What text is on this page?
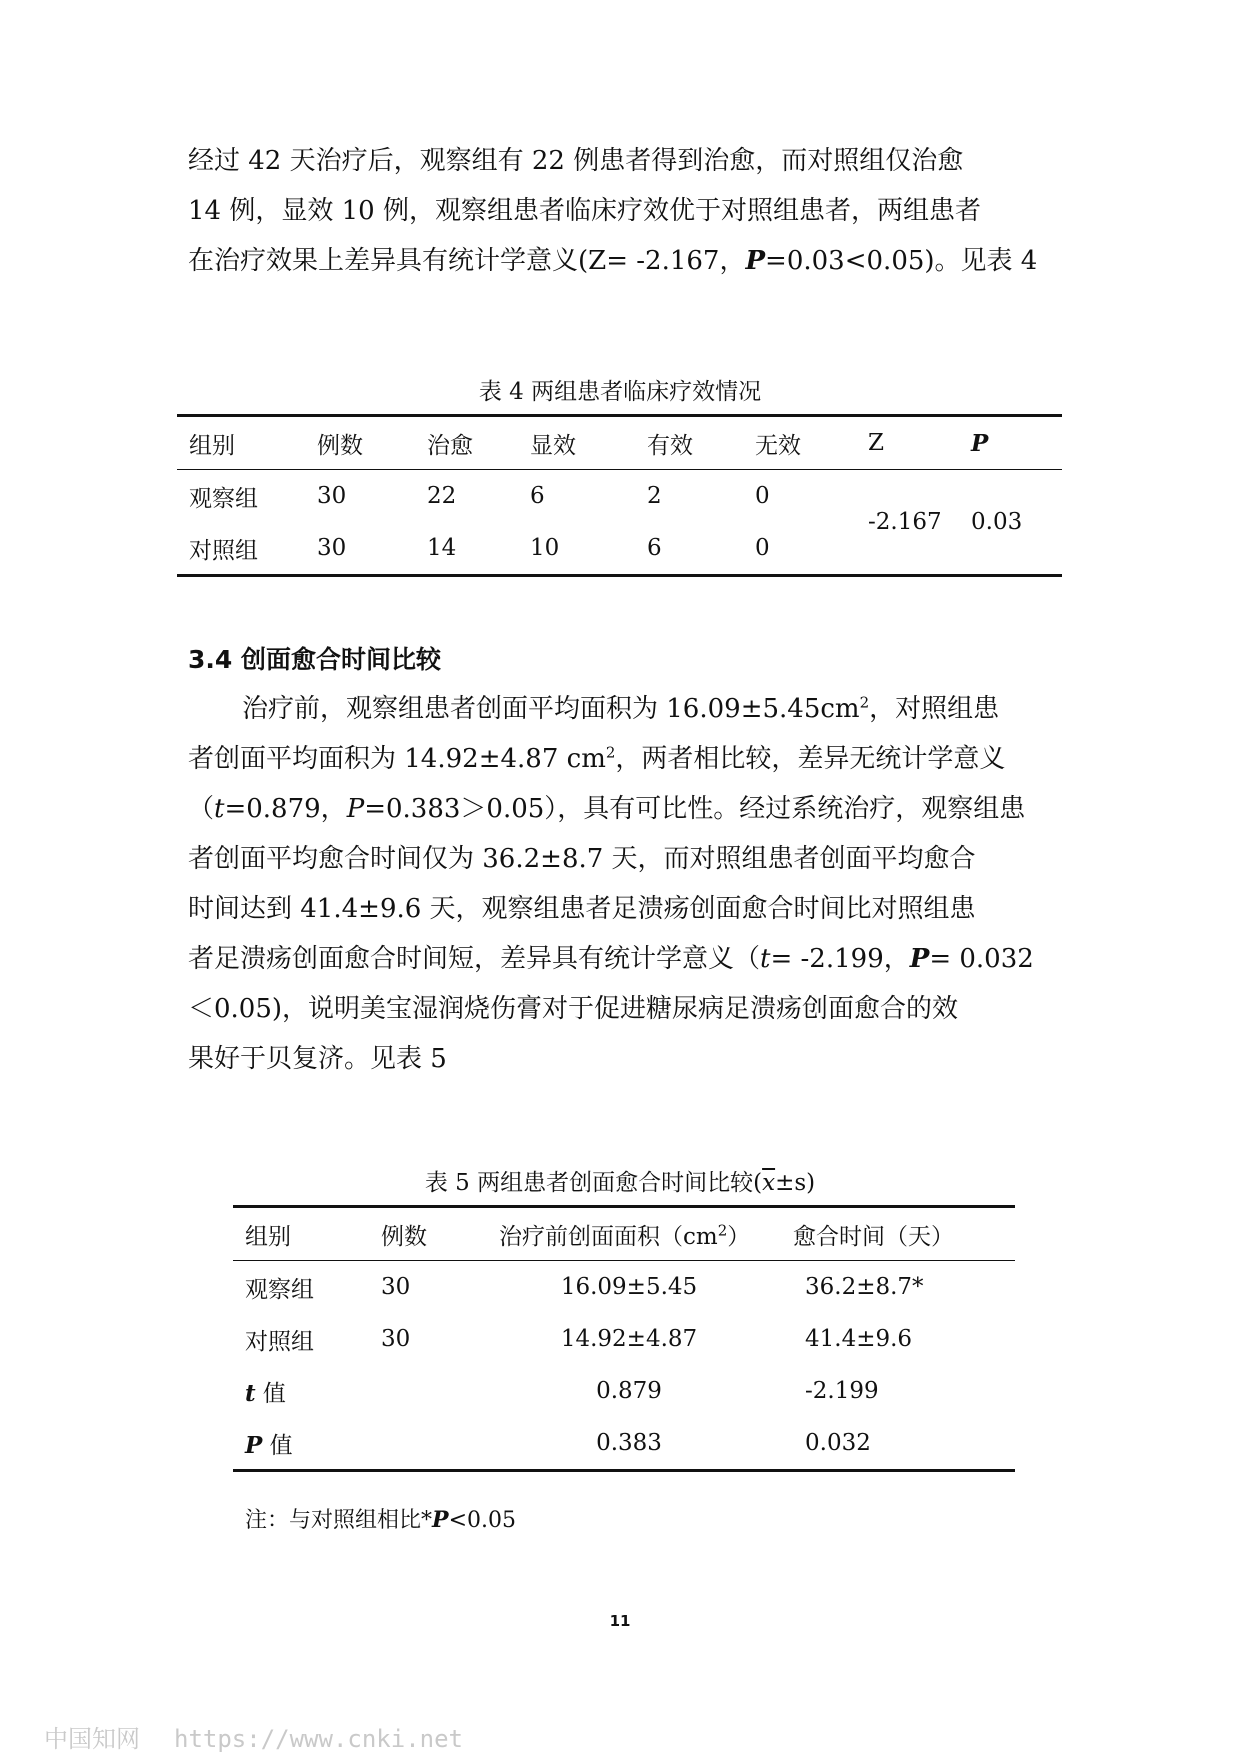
经过 42 天治疗后，观察组有 22 例患者得到治愈，而对照组仅治愈

14 例，显效 10 例，观察组患者临床疗效优于对照组患者，两组患者

在治疗效果上差异具有统计学意义(Z= -2.167，P=0.03<0.05)。见表 4

表 4 两组患者临床疗效情况
组别	例数	治愈	显效	有效	无效	Z	P
观察组	30	22	6	2	0	-2.167	0.03
对照组	30	14	10	6	0		
3.4 创面愈合时间比较

治疗前，观察组患者创面平均面积为 $16.09\pm 5.45cm^2$，对照组患

者创面平均面积为 14.92±4.87 $cm^2$，两者相比较，差异无统计学意义

（t=0.879，P=0.383＞0.05），具有可比性。经过系统治疗，观察组患

者创面平均愈合时间仅为 36.2±8.7 天，而对照组患者创面平均愈合

时间达到 41.4±9.6 天，观察组患者足溃疡创面愈合时间比对照组患

者足溃疡创面愈合时间短，差异具有统计学意义（t= -2.199，P= 0.032

＜0.05)，说明美宝湿润烧伤膏对于促进糖尿病足溃疡创面愈合的效

果好于贝复济。见表 5

表 5 两组患者创面愈合时间比较$(\overline{x}\pm s)$
组别	例数	治疗前创面面积$(cm^2)$	愈合时间（天）
观察组	30	16.09±5.45	36.2±8.7*
对照组	30	14.92±4.87	41.4±9.6
t 值		0.879	-2.199
P 值		0.383	0.032
注：与对照组相比*P<0.05
11
中国知网 https://www.cnki.net
